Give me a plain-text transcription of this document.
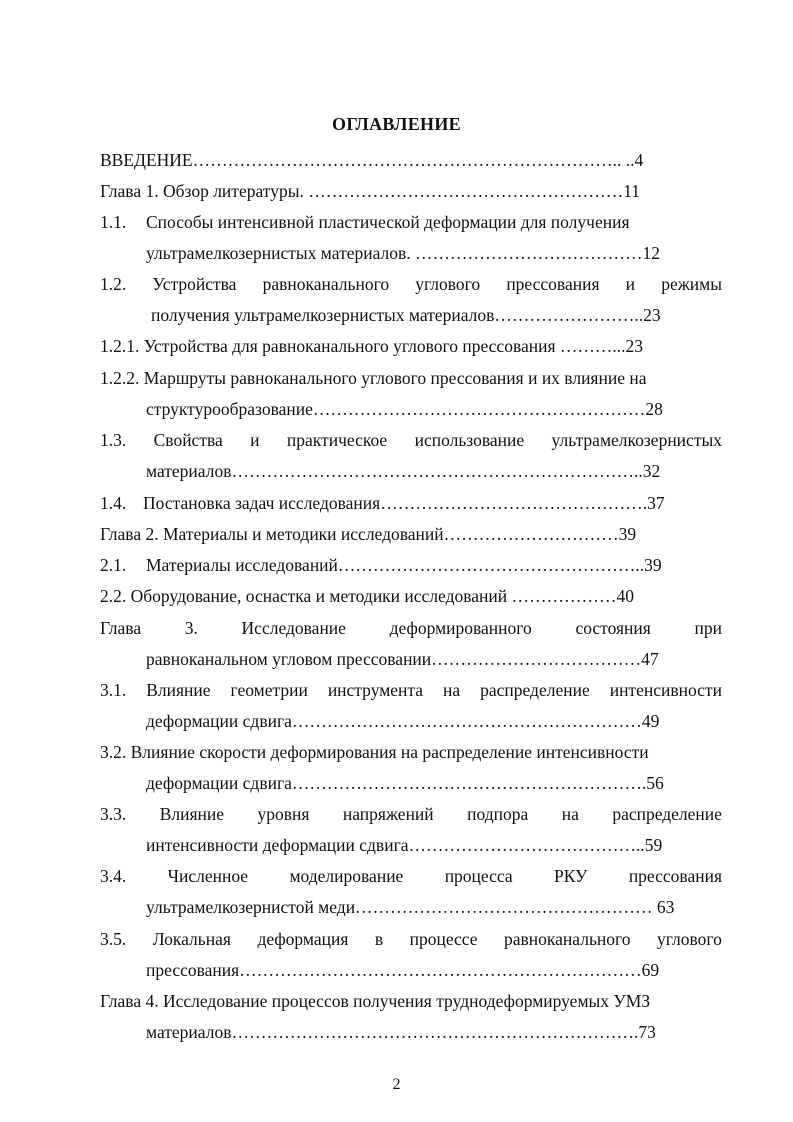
ОГЛАВЛЕНИЕ
ВВЕДЕНИЕ……………………………………………………………….. ..4
Глава 1. Обзор литературы. ………………………………………………11
1.1. Способы интенсивной пластической деформации для получения
ультрамелкозернистых материалов. …………………………………12
1.2. Устройства равноканального углового прессования и режимы
получения ультрамелкозернистых материалов……………………..23
1.2.1. Устройства для равноканального углового прессования ………...23
1.2.2. Маршруты равноканального углового прессования и их влияние на
структурообразование…………………………………………………28
1.3. Свойства и практическое использование ультрамелкозернистых
материалов……………………………………………………………..32
1.4. Постановка задач исследования……………………………………….37
Глава 2. Материалы и методики исследований…………………………39
2.1. Материалы исследований……………………………………………..39
2.2. Оборудование, оснастка и методики исследований ………………40
Глава 3. Исследование деформированного состояния при
равноканальном угловом прессовании………………………………47
3.1. Влияние геометрии инструмента на распределение интенсивности
деформации сдвига……………………………………………………49
3.2. Влияние скорости деформирования на распределение интенсивности
деформации сдвига…………………………………………………….56
3.3. Влияние уровня напряжений подпора на распределение
интенсивности деформации сдвига…………………………………..59
3.4. Численное моделирование процесса РКУ прессования
ультрамелкозернистой меди…………………………………………… 63
3.5. Локальная деформация в процессе равноканального углового
прессования……………………………………………………………69
Глава 4. Исследование процессов получения труднодеформируемых УМЗ
материалов…………………………………………………………….73
2
